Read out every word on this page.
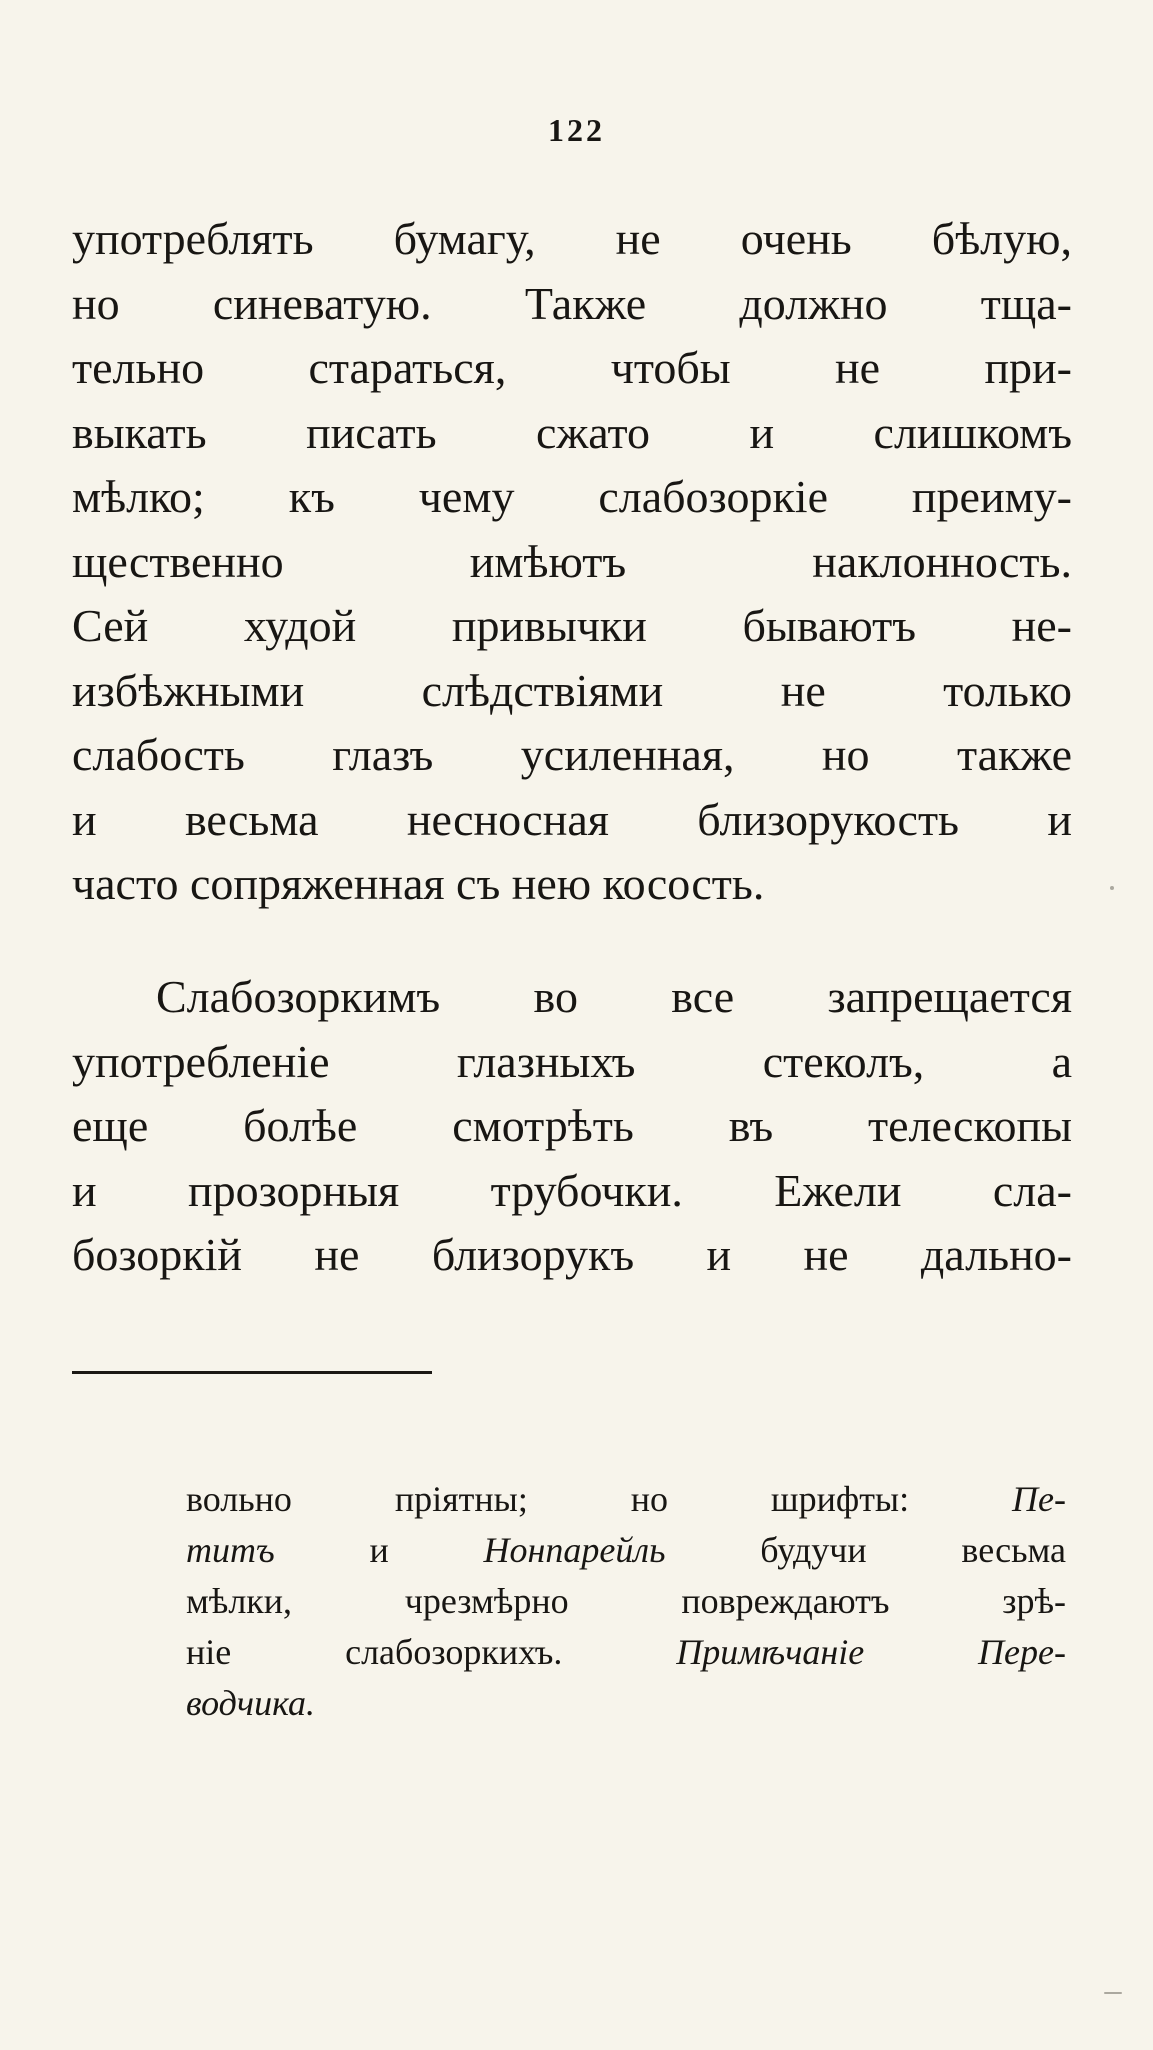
122
употреблять бумагу, не очень бѣлую,
но синеватую. Также должно тща-
тельно стараться, чтобы не при-
выкать писать сжато и слишкомъ
мѣлко; къ чему слабозоркіе преиму-
щественно имѣютъ наклонность.
Сей худой привычки бываютъ не-
избѣжными слѣдствіями не только
слабость глазъ усиленная, но также
и весьма несносная близорукость и
часто сопряженная съ нею косость.
Слабозоркимъ во все запрещается
употребленіе глазныхъ стеколъ, а
еще болѣе смотрѣть въ телескопы
и прозорныя трубочки. Ежели сла-
бозоркій не близорукъ и не дально-
вольно пріятны; но шрифты: Пе-
титъ и Нонпарейль будучи весьма
мѣлки, чрезмѣрно повреждаютъ зрѣ-
ніе слабозоркихъ. Примѣчаніе Пере-
водчика.
